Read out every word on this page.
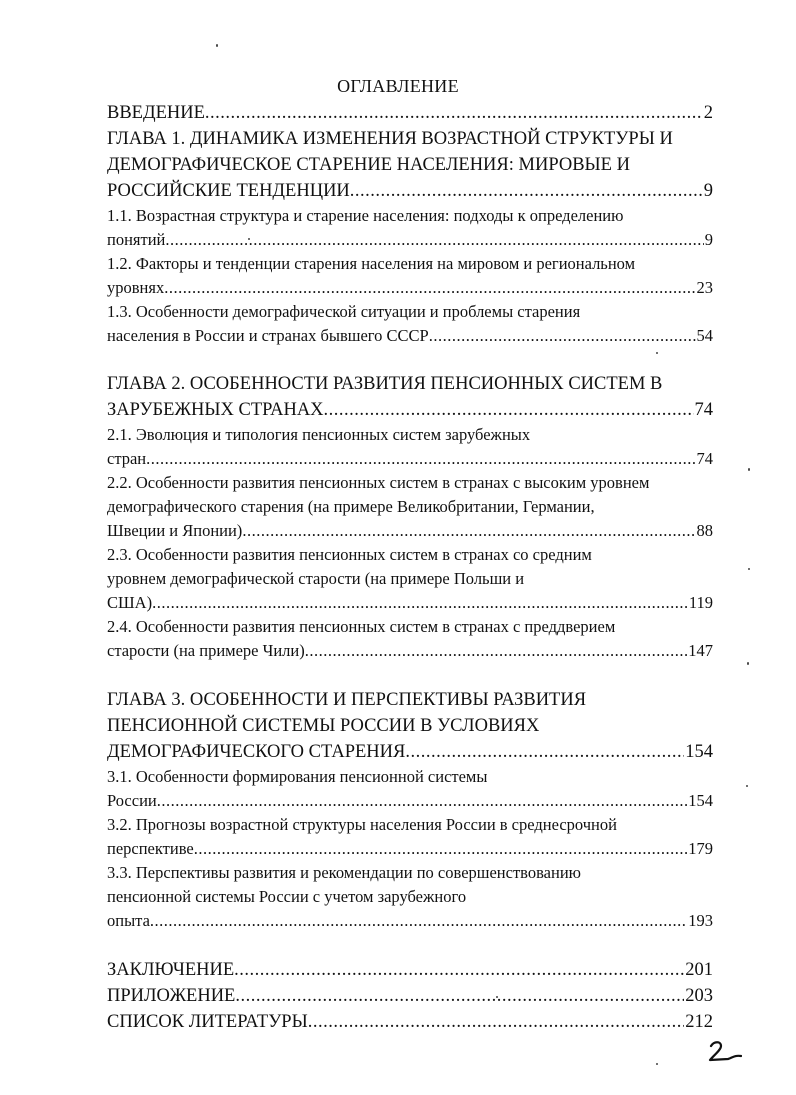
ОГЛАВЛЕНИЕ
ВВЕДЕНИЕ .....	2
ГЛАВА 1. ДИНАМИКА ИЗМЕНЕНИЯ ВОЗРАСТНОЙ СТРУКТУРЫ И
ДЕМОГРАФИЧЕСКОЕ СТАРЕНИЕ НАСЕЛЕНИЯ: МИРОВЫЕ И
РОССИЙСКИЕ ТЕНДЕНЦИИ .....	9
1.1. Возрастная структура и старение населения: подходы к определению
понятий .....	9
1.2. Факторы и тенденции старения населения на мировом и региональном
уровнях .....	23
1.3. Особенности демографической ситуации и проблемы старения
населения в России и странах бывшего СССР .....	54
ГЛАВА 2. ОСОБЕННОСТИ РАЗВИТИЯ ПЕНСИОННЫХ СИСТЕМ В
ЗАРУБЕЖНЫХ СТРАНАХ .....	74
2.1. Эволюция и типология пенсионных систем зарубежных
стран .....	74
2.2. Особенности развития пенсионных систем в странах с высоким уровнем
демографического старения (на примере Великобритании, Германии,
Швеции и Японии) .....	88
2.3. Особенности развития пенсионных систем в странах со средним
уровнем демографической старости (на примере Польши и
США) .....	119
2.4. Особенности развития пенсионных систем в странах с преддверием
старости (на примере Чили) .....	147
ГЛАВА 3. ОСОБЕННОСТИ И ПЕРСПЕКТИВЫ РАЗВИТИЯ
ПЕНСИОННОЙ СИСТЕМЫ РОССИИ В УСЛОВИЯХ
ДЕМОГРАФИЧЕСКОГО СТАРЕНИЯ .....	154
3.1. Особенности формирования пенсионной системы
России .....	154
3.2. Прогнозы возрастной структуры населения России в среднесрочной
перспективе .....	179
3.3. Перспективы развития и рекомендации по совершенствованию
пенсионной системы России с учетом зарубежного
опыта .....	193
ЗАКЛЮЧЕНИЕ .....	201
ПРИЛОЖЕНИЕ .....	203
СПИСОК ЛИТЕРАТУРЫ .....	212
